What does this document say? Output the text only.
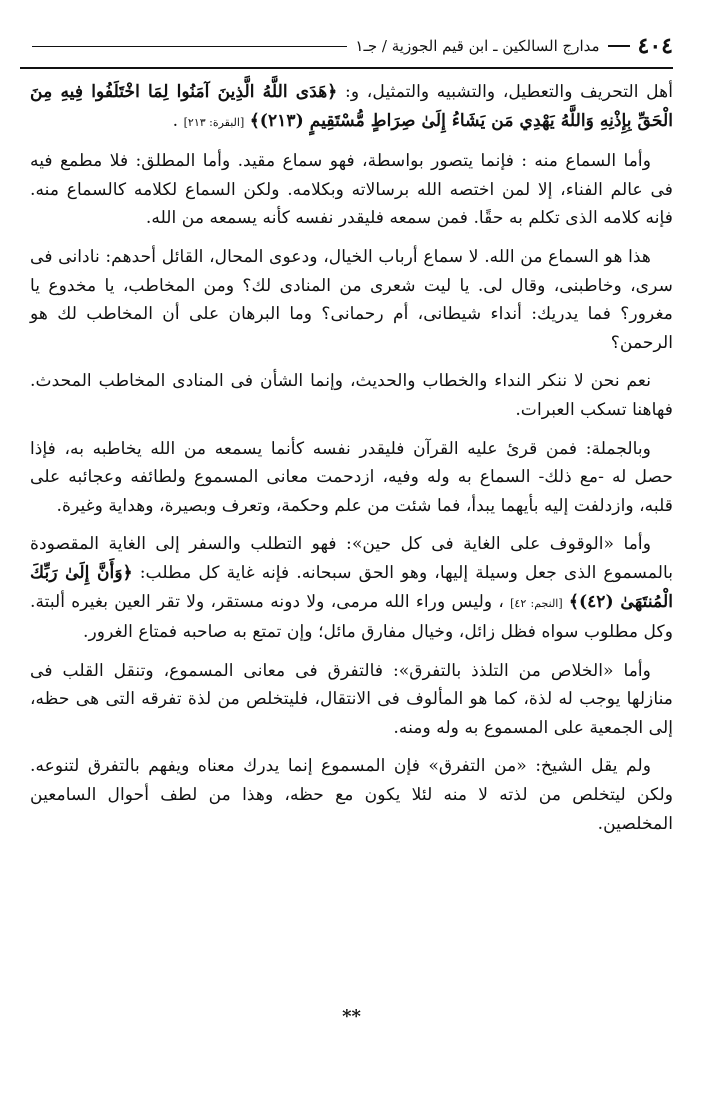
٤٠٤
مدارج السالكين ـ ابن قيم الجوزية / جـ١

أهل التحريف والتعطيل، والتشبيه والتمثيل، و: ﴿هَدَى اللَّهُ الَّذِينَ آمَنُوا لِمَا اخْتَلَفُوا فِيهِ مِنَ الْحَقِّ بِإِذْنِهِ وَاللَّهُ يَهْدِي مَن يَشَاءُ إِلَىٰ صِرَاطٍ مُّسْتَقِيمٍ (٢١٣)﴾ [البقرة: ٢١٣] .

وأما السماع منه : فإنما يتصور بواسطة، فهو سماع مقيد. وأما المطلق: فلا مطمع فيه فى عالم الفناء، إلا لمن اختصه الله برسالاته وبكلامه. ولكن السماع لكلامه كالسماع منه. فإنه كلامه الذى تكلم به حقًا. فمن سمعه فليقدر نفسه كأنه يسمعه من الله.

هذا هو السماع من الله. لا سماع أرباب الخيال، ودعوى المحال، القائل أحدهم: نادانى فى سرى، وخاطبنى، وقال لى. يا ليت شعرى من المنادى لك؟ ومن المخاطب، يا مخدوع يا مغرور؟ فما يدريك: أنداء شيطانى، أم رحمانى؟ وما البرهان على أن المخاطب لك هو الرحمن؟

نعم نحن لا ننكر النداء والخطاب والحديث، وإنما الشأن فى المنادى المخاطب المحدث. فهاهنا تسكب العبرات.

وبالجملة: فمن قرئ عليه القرآن فليقدر نفسه كأنما يسمعه من الله يخاطبه به، فإذا حصل له -مع ذلك- السماع به وله وفيه، ازدحمت معانى المسموع ولطائفه وعجائبه على قلبه، وازدلفت إليه بأيهما يبدأ، فما شئت من علم وحكمة، وتعرف وبصيرة، وهداية وغيرة.

وأما «الوقوف على الغاية فى كل حين»: فهو التطلب والسفر إلى الغاية المقصودة بالمسموع الذى جعل وسيلة إليها، وهو الحق سبحانه. فإنه غاية كل مطلب: ﴿وَأَنَّ إِلَىٰ رَبِّكَ الْمُنتَهَىٰ (٤٢)﴾ [النجم: ٤٢] ، وليس وراء الله مرمى، ولا دونه مستقر، ولا تقر العين بغيره ألبتة. وكل مطلوب سواه فظل زائل، وخيال مفارق مائل؛ وإن تمتع به صاحبه فمتاع الغرور.

وأما «الخلاص من التلذذ بالتفرق»: فالتفرق فى معانى المسموع، وتنقل القلب فى منازلها يوجب له لذة، كما هو المألوف فى الانتقال، فليتخلص من لذة تفرقه التى هى حظه، إلى الجمعية على المسموع به وله ومنه.

ولم يقل الشيخ: «من التفرق» فإن المسموع إنما يدرك معناه ويفهم بالتفرق لتنوعه. ولكن ليتخلص من لذته لا منه لئلا يكون مع حظه، وهذا من لطف أحوال السامعين المخلصين.

**
